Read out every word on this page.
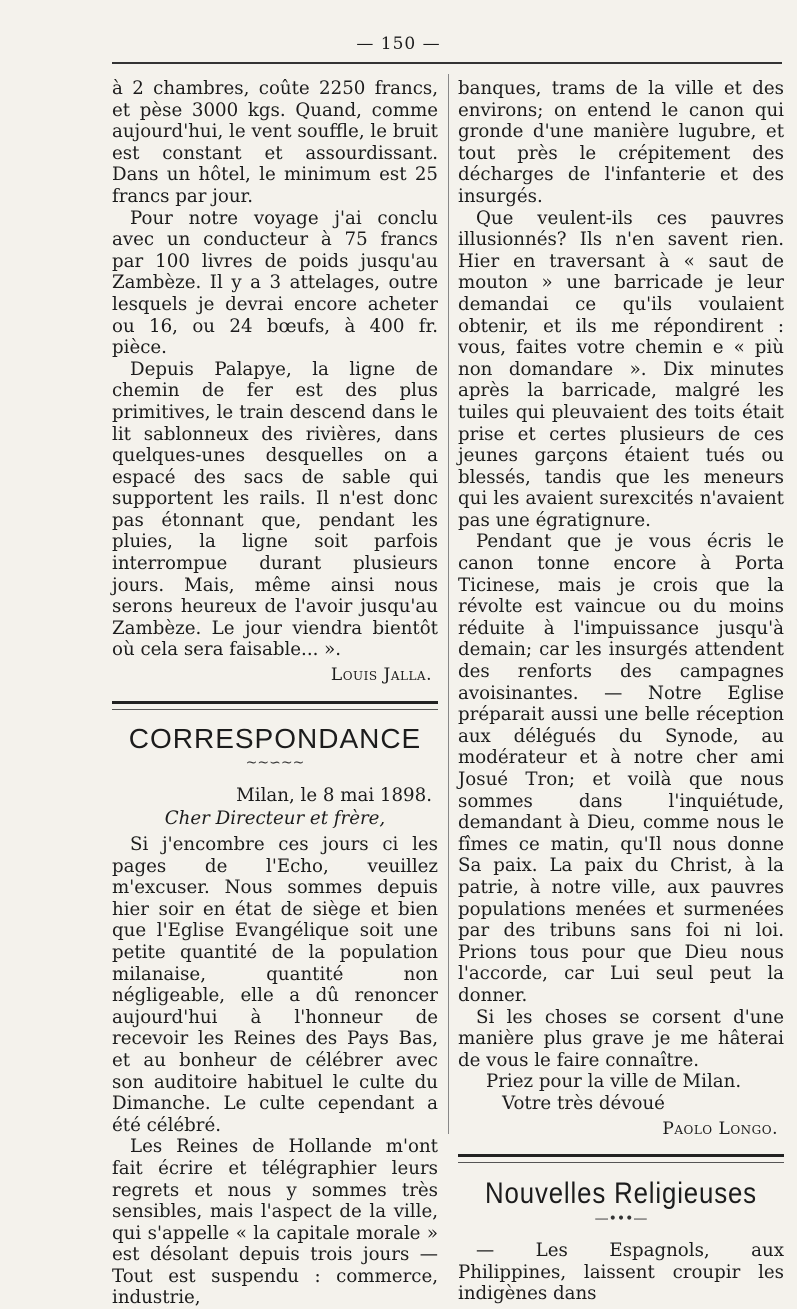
— 150 —

à 2 chambres, coûte 2250 francs, et pèse 3000 kgs. Quand, comme aujourd'hui, le vent souffle, le bruit est constant et assourdissant. Dans un hôtel, le minimum est 25 francs par jour.

Pour notre voyage j'ai conclu avec un conducteur à 75 francs par 100 livres de poids jusqu'au Zambèze. Il y a 3 attelages, outre lesquels je devrai encore acheter ou 16, ou 24 bœufs, à 400 fr. pièce.

Depuis Palapye, la ligne de chemin de fer est des plus primitives, le train descend dans le lit sablonneux des rivières, dans quelques-unes desquelles on a espacé des sacs de sable qui supportent les rails. Il n'est donc pas étonnant que, pendant les pluies, la ligne soit parfois interrompue durant plusieurs jours. Mais, même ainsi nous serons heureux de l'avoir jusqu'au Zambèze. Le jour viendra bientôt où cela sera faisable... ».

Louis Jalla.
CORRESPONDANCE
~~∽~~
Milan, le 8 mai 1898.
Cher Directeur et frère,

Si j'encombre ces jours ci les pages de l'Echo, veuillez m'excuser. Nous sommes depuis hier soir en état de siège et bien que l'Eglise Evangélique soit une petite quantité de la population milanaise, quantité non négligeable, elle a dû renoncer aujourd'hui à l'honneur de recevoir les Reines des Pays Bas, et au bonheur de célébrer avec son auditoire habituel le culte du Dimanche. Le culte cependant a été célébré.

Les Reines de Hollande m'ont fait écrire et télégraphier leurs regrets et nous y sommes très sensibles, mais l'aspect de la ville, qui s'appelle « la capitale morale » est désolant depuis trois jours — Tout est suspendu : commerce, industrie,

banques, trams de la ville et des environs; on entend le canon qui gronde d'une manière lugubre, et tout près le crépitement des décharges de l'infanterie et des insurgés.

Que veulent-ils ces pauvres illusionnés? Ils n'en savent rien. Hier en traversant à « saut de mouton » une barricade je leur demandai ce qu'ils voulaient obtenir, et ils me répondirent : vous, faites votre chemin e « più non domandare ». Dix minutes après la barricade, malgré les tuiles qui pleuvaient des toits était prise et certes plusieurs de ces jeunes garçons étaient tués ou blessés, tandis que les meneurs qui les avaient surexcités n'avaient pas une égratignure.

Pendant que je vous écris le canon tonne encore à Porta Ticinese, mais je crois que la révolte est vaincue ou du moins réduite à l'impuissance jusqu'à demain; car les insurgés attendent des renforts des campagnes avoisinantes. — Notre Eglise préparait aussi une belle réception aux délégués du Synode, au modérateur et à notre cher ami Josué Tron; et voilà que nous sommes dans l'inquiétude, demandant à Dieu, comme nous le fîmes ce matin, qu'Il nous donne Sa paix. La paix du Christ, à la patrie, à notre ville, aux pauvres populations menées et surmenées par des tribuns sans foi ni loi. Prions tous pour que Dieu nous l'accorde, car Lui seul peut la donner.

Si les choses se corsent d'une manière plus grave je me hâterai de vous le faire connaître.

Priez pour la ville de Milan.

Votre très dévoué

Paolo Longo.
Nouvelles Religieuses
—•••—

— Les Espagnols, aux Philippines, laissent croupir les indigènes dans
